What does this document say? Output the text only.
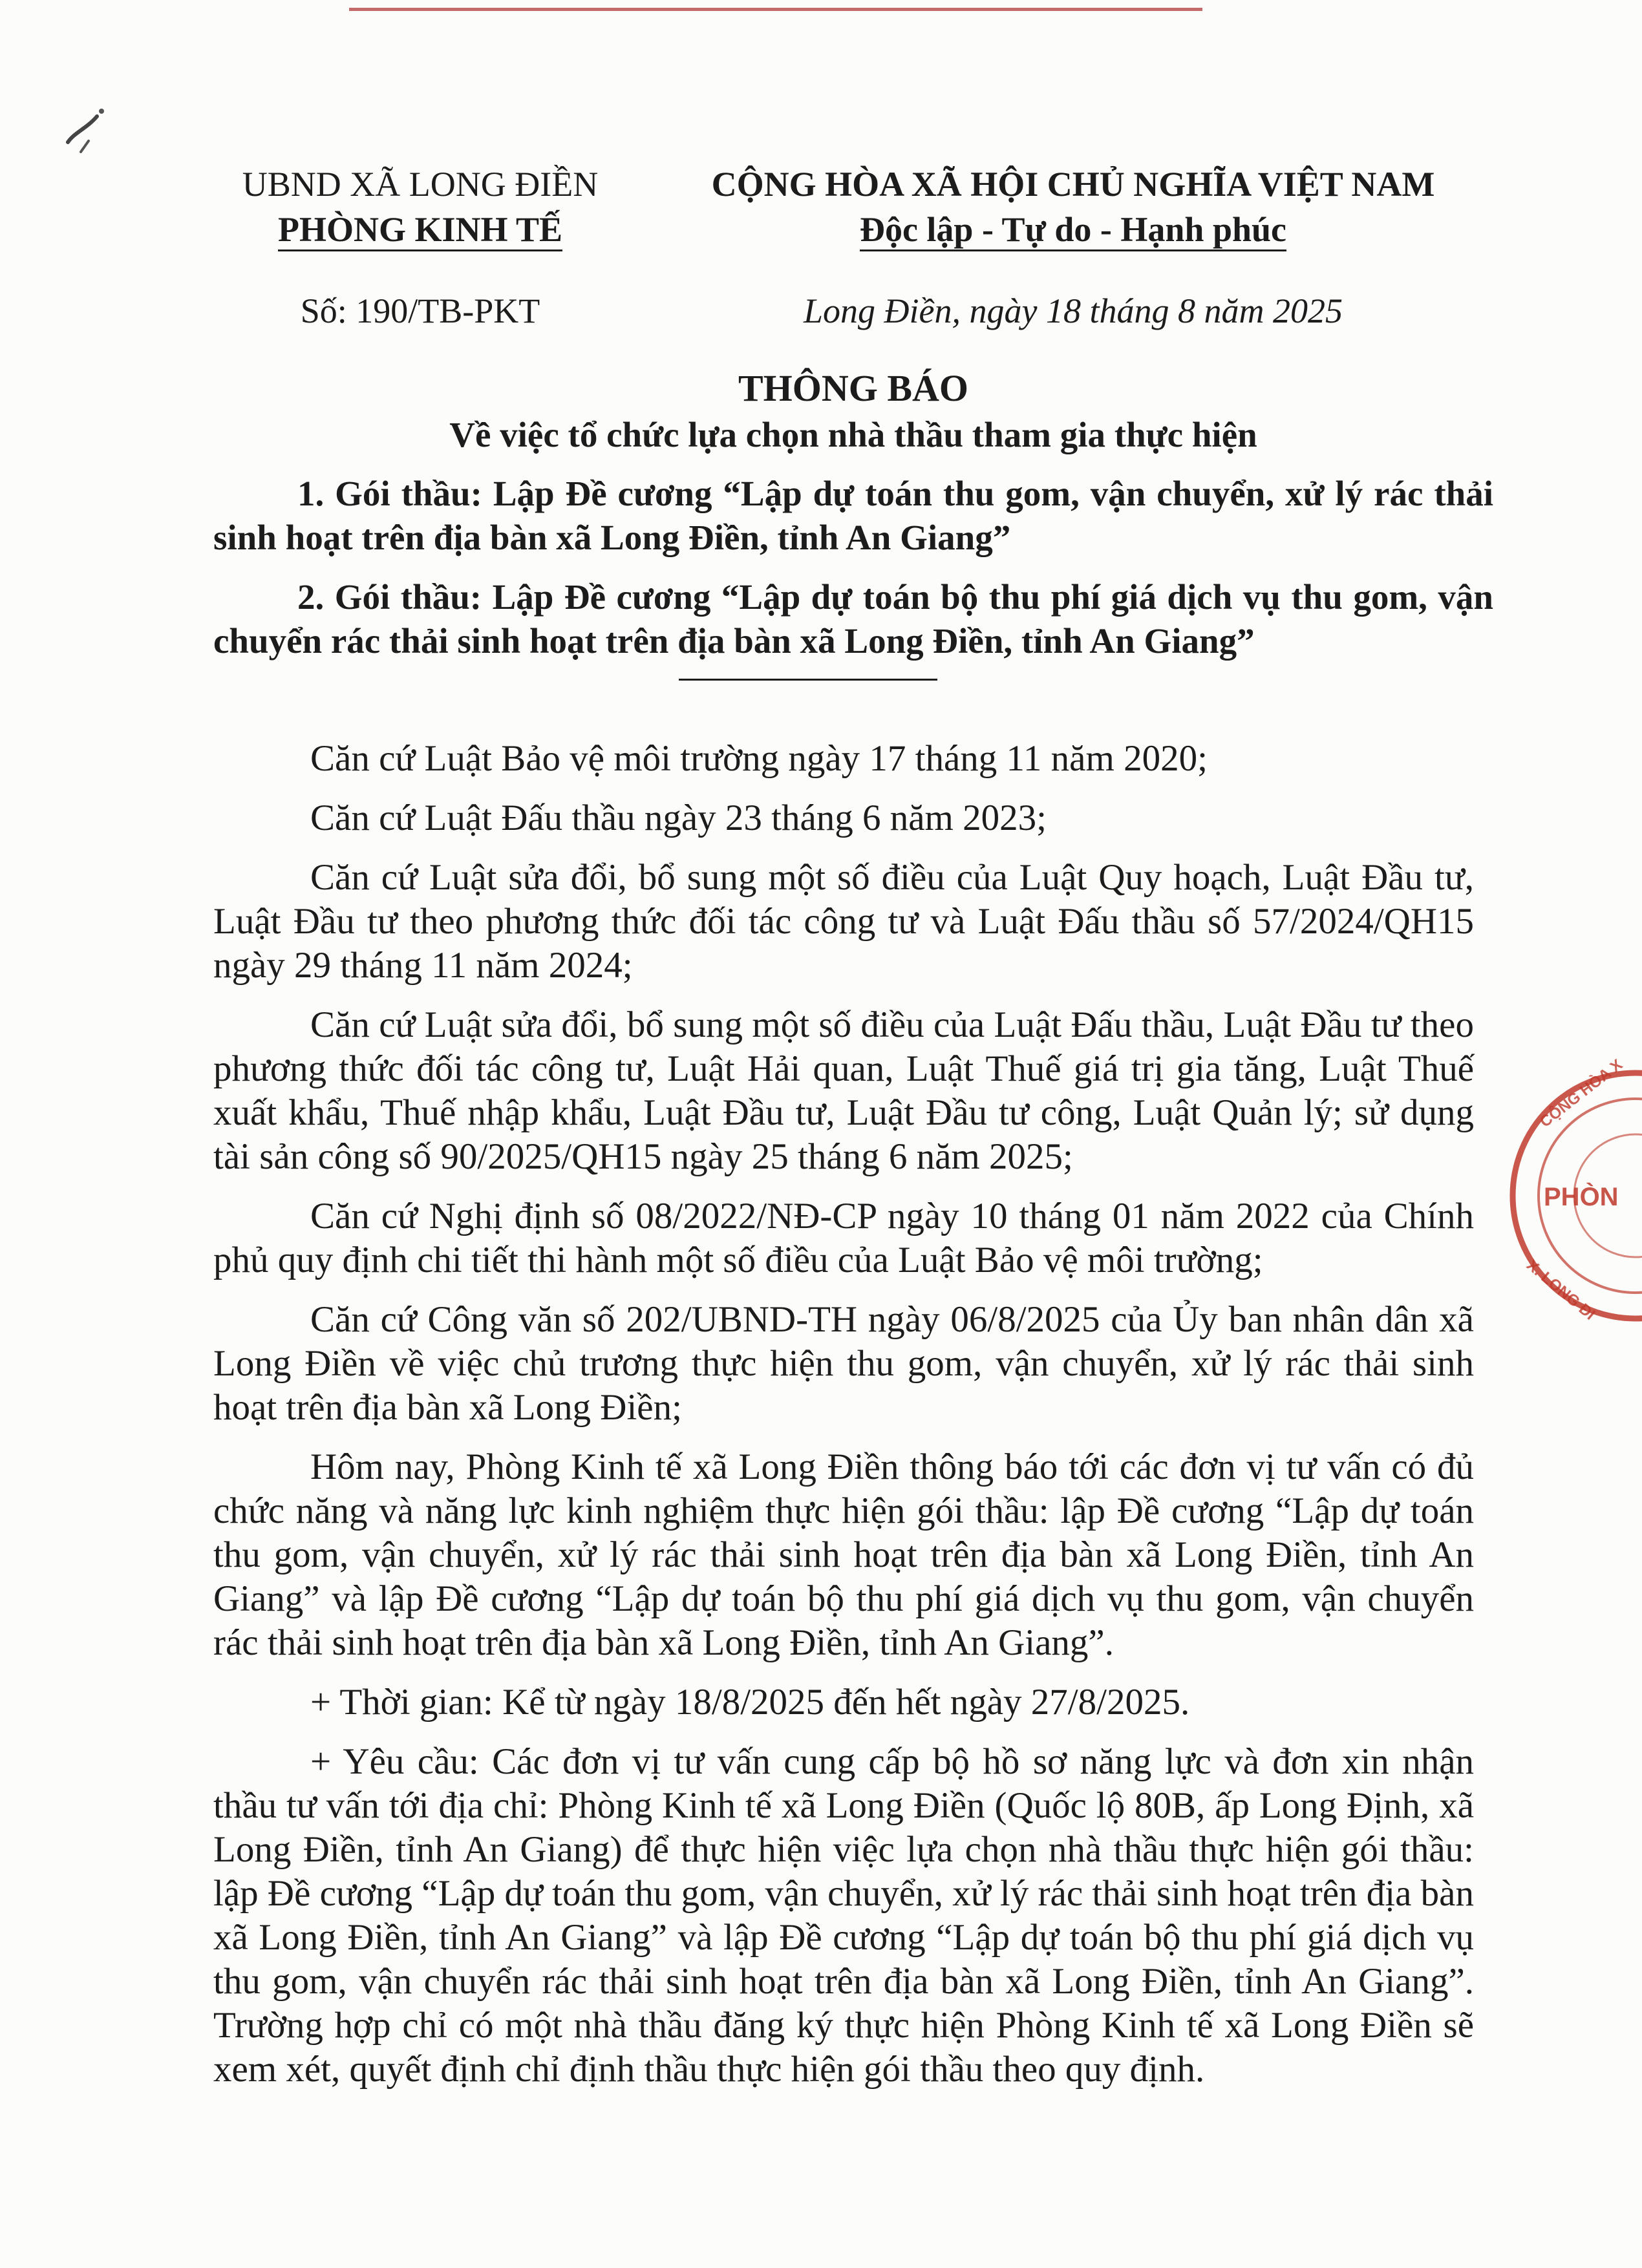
UBND XÃ LONG ĐIỀN
PHÒNG KINH TẾ
Số: 190/TB-PKT
CỘNG HÒA XÃ HỘI CHỦ NGHĨA VIỆT NAM
Độc lập - Tự do - Hạnh phúc
Long Điền, ngày 18 tháng 8 năm 2025
THÔNG BÁO
Về việc tổ chức lựa chọn nhà thầu tham gia thực hiện
1. Gói thầu: Lập Đề cương “Lập dự toán thu gom, vận chuyển, xử lý rác thải sinh hoạt trên địa bàn xã Long Điền, tỉnh An Giang”
2. Gói thầu: Lập Đề cương “Lập dự toán bộ thu phí giá dịch vụ thu gom, vận chuyển rác thải sinh hoạt trên địa bàn xã Long Điền, tỉnh An Giang”

Căn cứ Luật Bảo vệ môi trường ngày 17 tháng 11 năm 2020;

Căn cứ Luật Đấu thầu ngày 23 tháng 6 năm 2023;

Căn cứ Luật sửa đổi, bổ sung một số điều của Luật Quy hoạch, Luật Đầu tư, Luật Đầu tư theo phương thức đối tác công tư và Luật Đấu thầu số 57/2024/QH15 ngày 29 tháng 11 năm 2024;

Căn cứ Luật sửa đổi, bổ sung một số điều của Luật Đấu thầu, Luật Đầu tư theo phương thức đối tác công tư, Luật Hải quan, Luật Thuế giá trị gia tăng, Luật Thuế xuất khẩu, Thuế nhập khẩu, Luật Đầu tư, Luật Đầu tư công, Luật Quản lý; sử dụng tài sản công số 90/2025/QH15 ngày 25 tháng 6 năm 2025;

Căn cứ Nghị định số 08/2022/NĐ-CP ngày 10 tháng 01 năm 2022 của Chính phủ quy định chi tiết thi hành một số điều của Luật Bảo vệ môi trường;

Căn cứ Công văn số 202/UBND-TH ngày 06/8/2025 của Ủy ban nhân dân xã Long Điền về việc chủ trương thực hiện thu gom, vận chuyển, xử lý rác thải sinh hoạt trên địa bàn xã Long Điền;

Hôm nay, Phòng Kinh tế xã Long Điền thông báo tới các đơn vị tư vấn có đủ chức năng và năng lực kinh nghiệm thực hiện gói thầu: lập Đề cương “Lập dự toán thu gom, vận chuyển, xử lý rác thải sinh hoạt trên địa bàn xã Long Điền, tỉnh An Giang” và lập Đề cương “Lập dự toán bộ thu phí giá dịch vụ thu gom, vận chuyển rác thải sinh hoạt trên địa bàn xã Long Điền, tỉnh An Giang”.

+ Thời gian: Kể từ ngày 18/8/2025 đến hết ngày 27/8/2025.

+ Yêu cầu: Các đơn vị tư vấn cung cấp bộ hồ sơ năng lực và đơn xin nhận thầu tư vấn tới địa chỉ: Phòng Kinh tế xã Long Điền (Quốc lộ 80B, ấp Long Định, xã Long Điền, tỉnh An Giang) để thực hiện việc lựa chọn nhà thầu thực hiện gói thầu: lập Đề cương “Lập dự toán thu gom, vận chuyển, xử lý rác thải sinh hoạt trên địa bàn xã Long Điền, tỉnh An Giang” và lập Đề cương “Lập dự toán bộ thu phí giá dịch vụ thu gom, vận chuyển rác thải sinh hoạt trên địa bàn xã Long Điền, tỉnh An Giang”. Trường hợp chỉ có một nhà thầu đăng ký thực hiện Phòng Kinh tế xã Long Điền sẽ xem xét, quyết định chỉ định thầu thực hiện gói thầu theo quy định.

PHÒN
CỘNG HÒA X
X. LONG ĐI
